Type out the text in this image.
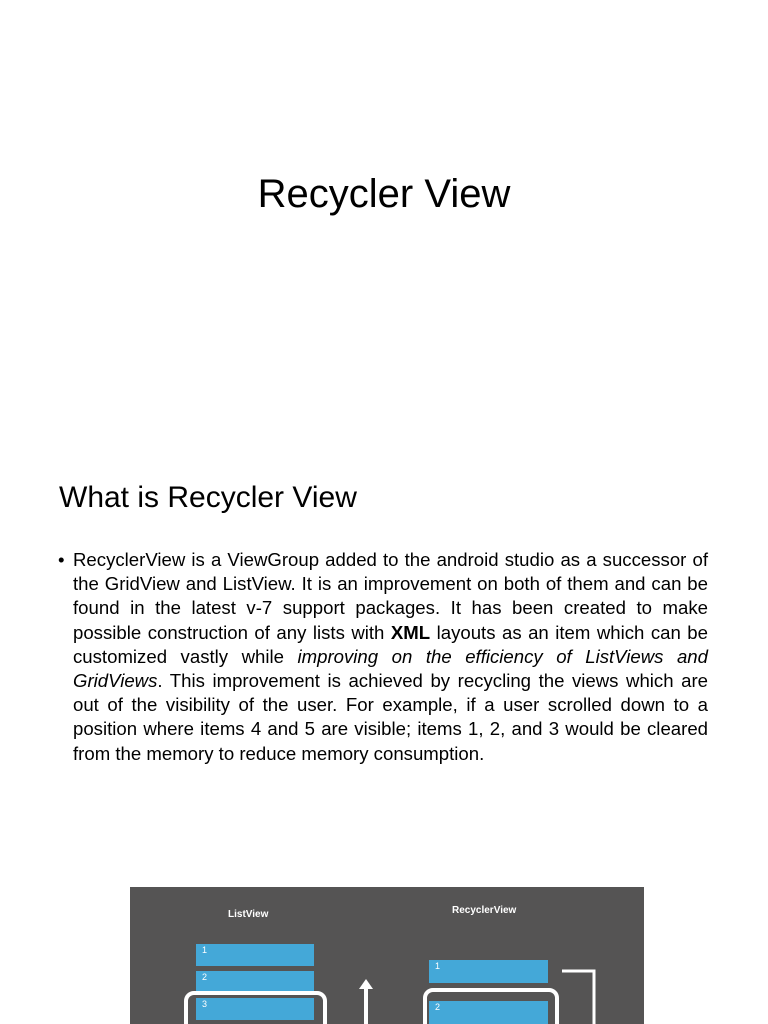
Recycler View
What is Recycler View
• RecyclerView is a ViewGroup added to the android studio as a successor of the GridView and ListView. It is an improvement on both of them and can be found in the latest v-7 support packages. It has been created to make possible construction of any lists with XML layouts as an item which can be customized vastly while improving on the efficiency of ListViews and GridViews. This improvement is achieved by recycling the views which are out of the visibility of the user. For example, if a user scrolled down to a position where items 4 and 5 are visible; items 1, 2, and 3 would be cleared from the memory to reduce memory consumption.

ListView
1
2
3
RecyclerView
1
2
